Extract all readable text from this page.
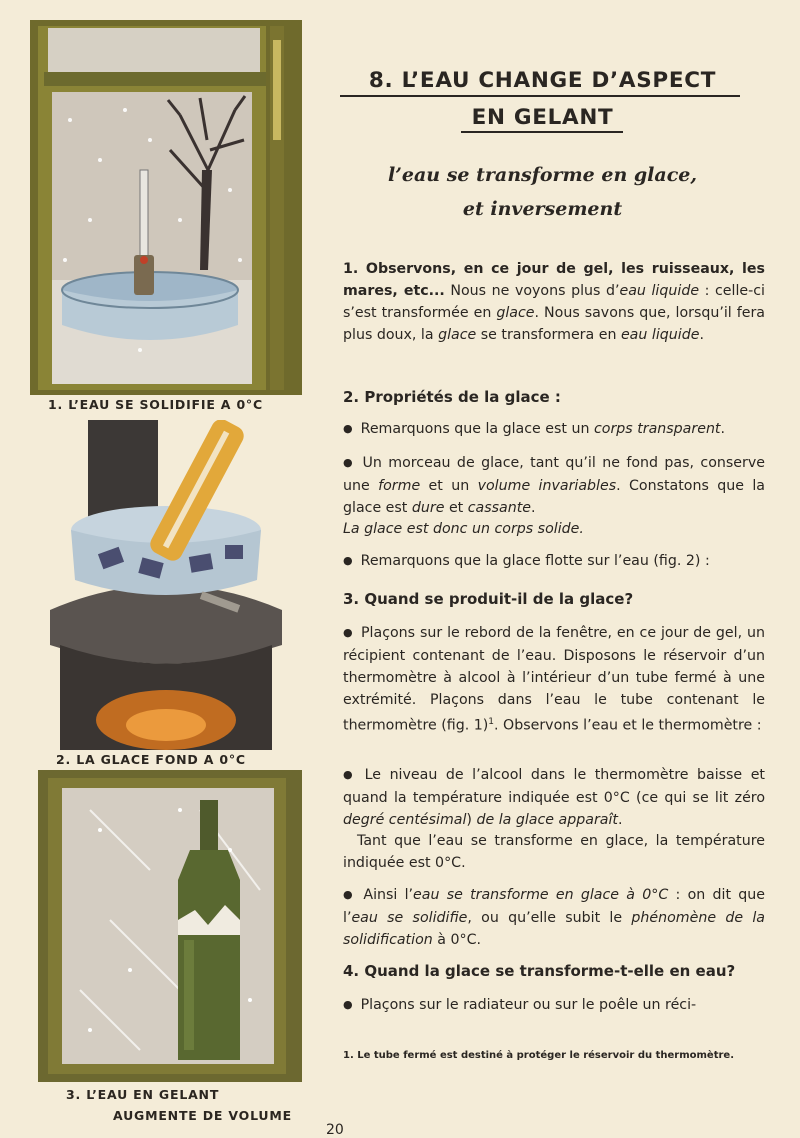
1. L’EAU SE SOLIDIFIE A 0°C
2. LA GLACE FOND A 0°C
3. L’EAU EN GELANT
AUGMENTE DE VOLUME
8. L’EAU CHANGE D’ASPECT
EN GELANT
l’eau se transforme en glace,
et inversement
1. Observons, en ce jour de gel, les ruisseaux, les mares, etc... Nous ne voyons plus d’eau liquide : celle-ci s’est transformée en glace. Nous savons que, lorsqu’il fera plus doux, la glace se transformera en eau liquide.
2. Propriétés de la glace :
● Remarquons que la glace est un corps transparent.
● Un morceau de glace, tant qu’il ne fond pas, conserve une forme et un volume invariables. Constatons que la glace est dure et cassante.
La glace est donc un corps solide.
● Remarquons que la glace flotte sur l’eau (fig. 2) :
3. Quand se produit-il de la glace?
● Plaçons sur le rebord de la fenêtre, en ce jour de gel, un récipient contenant de l’eau. Disposons le réservoir d’un thermomètre à alcool à l’intérieur d’un tube fermé à une extrémité. Plaçons dans l’eau le tube contenant le thermomètre (fig. 1)$^1$. Observons l’eau et le thermomètre :
● Le niveau de l’alcool dans le thermomètre baisse et quand la température indiquée est 0°C (ce qui se lit zéro degré centésimal) de la glace apparaît.
Tant que l’eau se transforme en glace, la température indiquée est 0°C.
● Ainsi l’eau se transforme en glace à 0°C : on dit que l’eau se solidifie, ou qu’elle subit le phénomène de la solidification à 0°C.
4. Quand la glace se transforme-t-elle en eau?
● Plaçons sur le radiateur ou sur le poêle un réci-
1. Le tube fermé est destiné à protéger le réservoir du thermomètre.
20
